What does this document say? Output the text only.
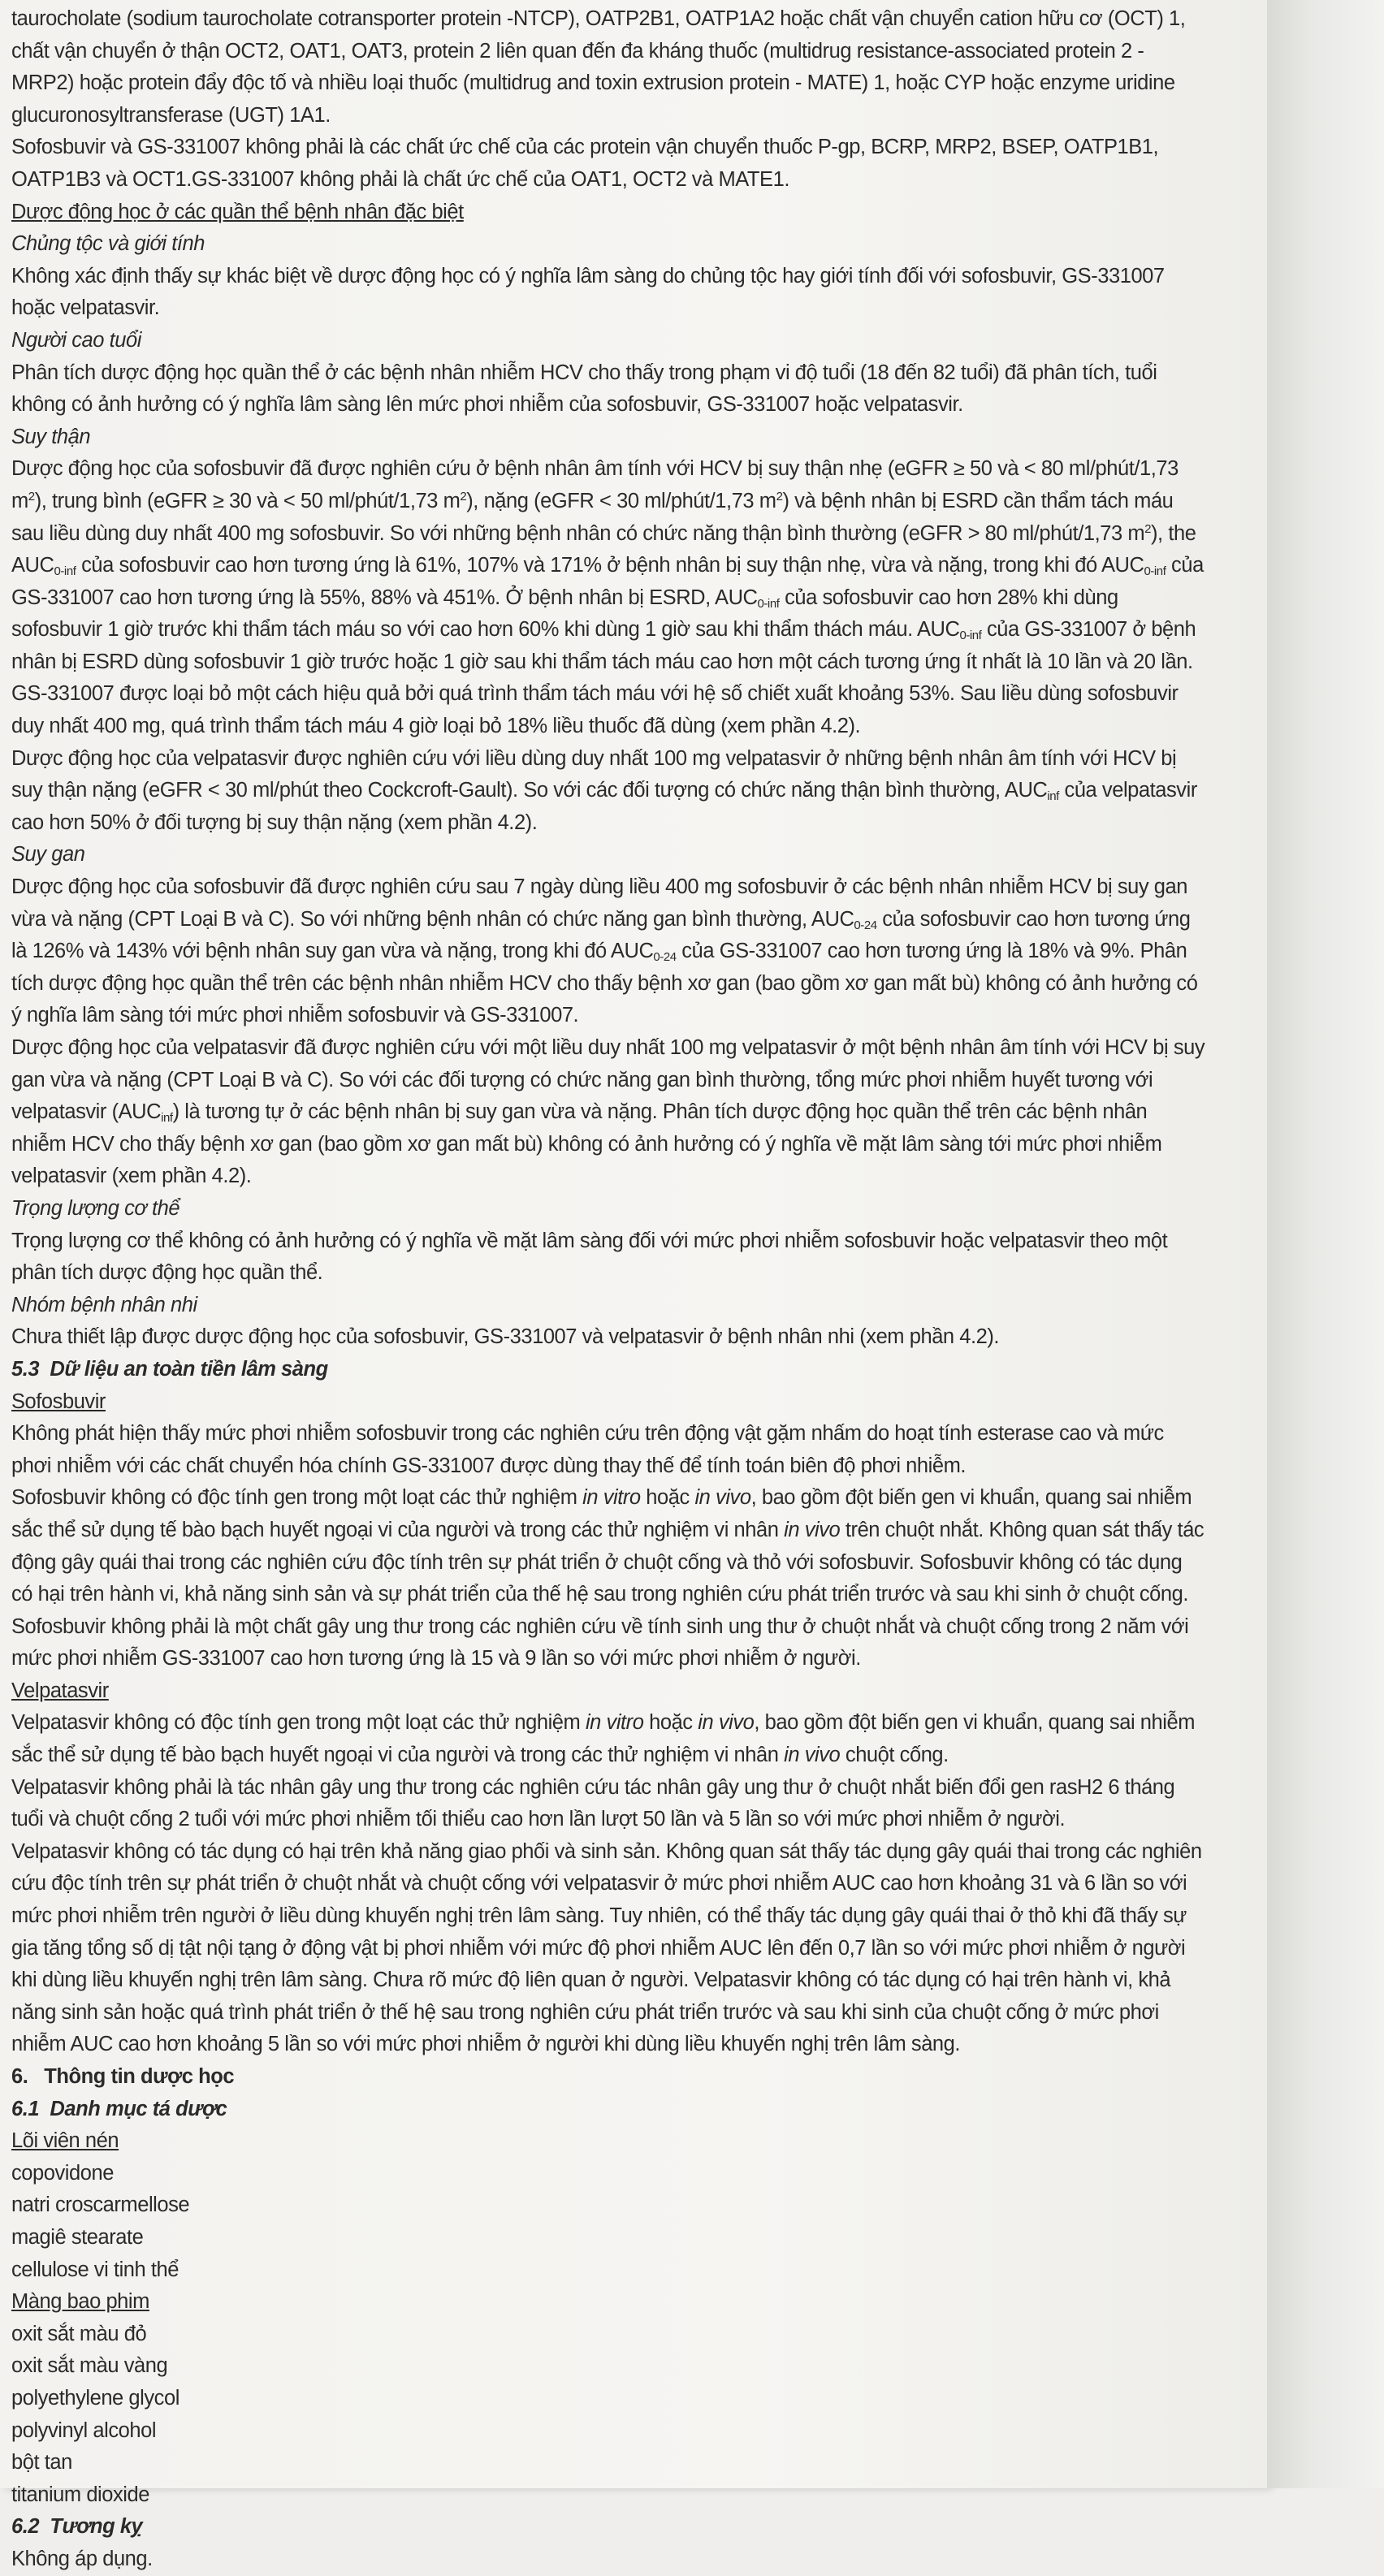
taurocholate (sodium taurocholate cotransporter protein -NTCP), OATP2B1, OATP1A2 hoặc chất vận chuyển cation hữu cơ (OCT) 1, chất vận chuyển ở thận OCT2, OAT1, OAT3, protein 2 liên quan đến đa kháng thuốc (multidrug resistance-associated protein 2 - MRP2) hoặc protein đẩy độc tố và nhiều loại thuốc (multidrug and toxin extrusion protein - MATE) 1, hoặc CYP hoặc enzyme uridine glucuronosyltransferase (UGT) 1A1.

Sofosbuvir và GS-331007 không phải là các chất ức chế của các protein vận chuyển thuốc P-gp, BCRP, MRP2, BSEP, OATP1B1, OATP1B3 và OCT1.GS-331007 không phải là chất ức chế của OAT1, OCT2 và MATE1.

Dược động học ở các quần thể bệnh nhân đặc biệt

Chủng tộc và giới tính

Không xác định thấy sự khác biệt về dược động học có ý nghĩa lâm sàng do chủng tộc hay giới tính đối với sofosbuvir, GS-331007 hoặc velpatasvir.

Người cao tuổi

Phân tích dược động học quần thể ở các bệnh nhân nhiễm HCV cho thấy trong phạm vi độ tuổi (18 đến 82 tuổi) đã phân tích, tuổi không có ảnh hưởng có ý nghĩa lâm sàng lên mức phơi nhiễm của sofosbuvir, GS-331007 hoặc velpatasvir.

Suy thận

Dược động học của sofosbuvir đã được nghiên cứu ở bệnh nhân âm tính với HCV bị suy thận nhẹ (eGFR ≥ 50 và < 80 ml/phút/1,73 $m^2$), trung bình (eGFR ≥ 30 và < 50 ml/phút/1,73 $m^2$), nặng (eGFR < 30 ml/phút/1,73 $m^2$) và bệnh nhân bị ESRD cần thẩm tách máu sau liều dùng duy nhất 400 mg sofosbuvir. So với những bệnh nhân có chức năng thận bình thường (eGFR > 80 ml/phút/1,73 $m^2$), the $AUC_{0-inf}$ của sofosbuvir cao hơn tương ứng là 61%, 107% và 171% ở bệnh nhân bị suy thận nhẹ, vừa và nặng, trong khi đó $AUC_{0-inf}$ của GS-331007 cao hơn tương ứng là 55%, 88% và 451%. Ở bệnh nhân bị ESRD, $AUC_{0-inf}$ của sofosbuvir cao hơn 28% khi dùng sofosbuvir 1 giờ trước khi thẩm tách máu so với cao hơn 60% khi dùng 1 giờ sau khi thẩm thách máu. $AUC_{0-inf}$ của GS-331007 ở bệnh nhân bị ESRD dùng sofosbuvir 1 giờ trước hoặc 1 giờ sau khi thẩm tách máu cao hơn một cách tương ứng ít nhất là 10 lần và 20 lần. GS-331007 được loại bỏ một cách hiệu quả bởi quá trình thẩm tách máu với hệ số chiết xuất khoảng 53%. Sau liều dùng sofosbuvir duy nhất 400 mg, quá trình thẩm tách máu 4 giờ loại bỏ 18% liều thuốc đã dùng (xem phần 4.2).

Dược động học của velpatasvir được nghiên cứu với liều dùng duy nhất 100 mg velpatasvir ở những bệnh nhân âm tính với HCV bị suy thận nặng (eGFR < 30 ml/phút theo Cockcroft-Gault). So với các đối tượng có chức năng thận bình thường, $AUC_{inf}$ của velpatasvir cao hơn 50% ở đối tượng bị suy thận nặng (xem phần 4.2).

Suy gan

Dược động học của sofosbuvir đã được nghiên cứu sau 7 ngày dùng liều 400 mg sofosbuvir ở các bệnh nhân nhiễm HCV bị suy gan vừa và nặng (CPT Loại B và C). So với những bệnh nhân có chức năng gan bình thường, $AUC_{0-24}$ của sofosbuvir cao hơn tương ứng là 126% và 143% với bệnh nhân suy gan vừa và nặng, trong khi đó $AUC_{0-24}$ của GS-331007 cao hơn tương ứng là 18% và 9%. Phân tích dược động học quần thể trên các bệnh nhân nhiễm HCV cho thấy bệnh xơ gan (bao gồm xơ gan mất bù) không có ảnh hưởng có ý nghĩa lâm sàng tới mức phơi nhiễm sofosbuvir và GS-331007.

Dược động học của velpatasvir đã được nghiên cứu với một liều duy nhất 100 mg velpatasvir ở một bệnh nhân âm tính với HCV bị suy gan vừa và nặng (CPT Loại B và C). So với các đối tượng có chức năng gan bình thường, tổng mức phơi nhiễm huyết tương với velpatasvir $(AUC_{inf})$ là tương tự ở các bệnh nhân bị suy gan vừa và nặng. Phân tích dược động học quần thể trên các bệnh nhân nhiễm HCV cho thấy bệnh xơ gan (bao gồm xơ gan mất bù) không có ảnh hưởng có ý nghĩa về mặt lâm sàng tới mức phơi nhiễm velpatasvir (xem phần 4.2).

Trọng lượng cơ thể

Trọng lượng cơ thể không có ảnh hưởng có ý nghĩa về mặt lâm sàng đối với mức phơi nhiễm sofosbuvir hoặc velpatasvir theo một phân tích dược động học quần thể.

Nhóm bệnh nhân nhi

Chưa thiết lập được dược động học của sofosbuvir, GS-331007 và velpatasvir ở bệnh nhân nhi (xem phần 4.2).

5.3 Dữ liệu an toàn tiền lâm sàng

Sofosbuvir

Không phát hiện thấy mức phơi nhiễm sofosbuvir trong các nghiên cứu trên động vật gặm nhấm do hoạt tính esterase cao và mức phơi nhiễm với các chất chuyển hóa chính GS-331007 được dùng thay thế để tính toán biên độ phơi nhiễm.

Sofosbuvir không có độc tính gen trong một loạt các thử nghiệm in vitro hoặc in vivo, bao gồm đột biến gen vi khuẩn, quang sai nhiễm sắc thể sử dụng tế bào bạch huyết ngoại vi của người và trong các thử nghiệm vi nhân in vivo trên chuột nhắt. Không quan sát thấy tác động gây quái thai trong các nghiên cứu độc tính trên sự phát triển ở chuột cống và thỏ với sofosbuvir. Sofosbuvir không có tác dụng có hại trên hành vi, khả năng sinh sản và sự phát triển của thế hệ sau trong nghiên cứu phát triển trước và sau khi sinh ở chuột cống.

Sofosbuvir không phải là một chất gây ung thư trong các nghiên cứu về tính sinh ung thư ở chuột nhắt và chuột cống trong 2 năm với mức phơi nhiễm GS-331007 cao hơn tương ứng là 15 và 9 lần so với mức phơi nhiễm ở người.

Velpatasvir

Velpatasvir không có độc tính gen trong một loạt các thử nghiệm in vitro hoặc in vivo, bao gồm đột biến gen vi khuẩn, quang sai nhiễm sắc thể sử dụng tế bào bạch huyết ngoại vi của người và trong các thử nghiệm vi nhân in vivo chuột cống.

Velpatasvir không phải là tác nhân gây ung thư trong các nghiên cứu tác nhân gây ung thư ở chuột nhắt biến đổi gen rasH2 6 tháng tuổi và chuột cống 2 tuổi với mức phơi nhiễm tối thiểu cao hơn lần lượt 50 lần và 5 lần so với mức phơi nhiễm ở người.

Velpatasvir không có tác dụng có hại trên khả năng giao phối và sinh sản. Không quan sát thấy tác dụng gây quái thai trong các nghiên cứu độc tính trên sự phát triển ở chuột nhắt và chuột cống với velpatasvir ở mức phơi nhiễm AUC cao hơn khoảng 31 và 6 lần so với mức phơi nhiễm trên người ở liều dùng khuyến nghị trên lâm sàng. Tuy nhiên, có thể thấy tác dụng gây quái thai ở thỏ khi đã thấy sự gia tăng tổng số dị tật nội tạng ở động vật bị phơi nhiễm với mức độ phơi nhiễm AUC lên đến 0,7 lần so với mức phơi nhiễm ở người khi dùng liều khuyến nghị trên lâm sàng. Chưa rõ mức độ liên quan ở người. Velpatasvir không có tác dụng có hại trên hành vi, khả năng sinh sản hoặc quá trình phát triển ở thế hệ sau trong nghiên cứu phát triển trước và sau khi sinh của chuột cống ở mức phơi nhiễm AUC cao hơn khoảng 5 lần so với mức phơi nhiễm ở người khi dùng liều khuyến nghị trên lâm sàng.

6. Thông tin dược học

6.1 Danh mục tá dược

Lõi viên nén

copovidone

natri croscarmellose

magiê stearate

cellulose vi tinh thể

Màng bao phim

oxit sắt màu đỏ

oxit sắt màu vàng

polyethylene glycol

polyvinyl alcohol

bột tan

titanium dioxide

6.2 Tương kỵ

Không áp dụng.
